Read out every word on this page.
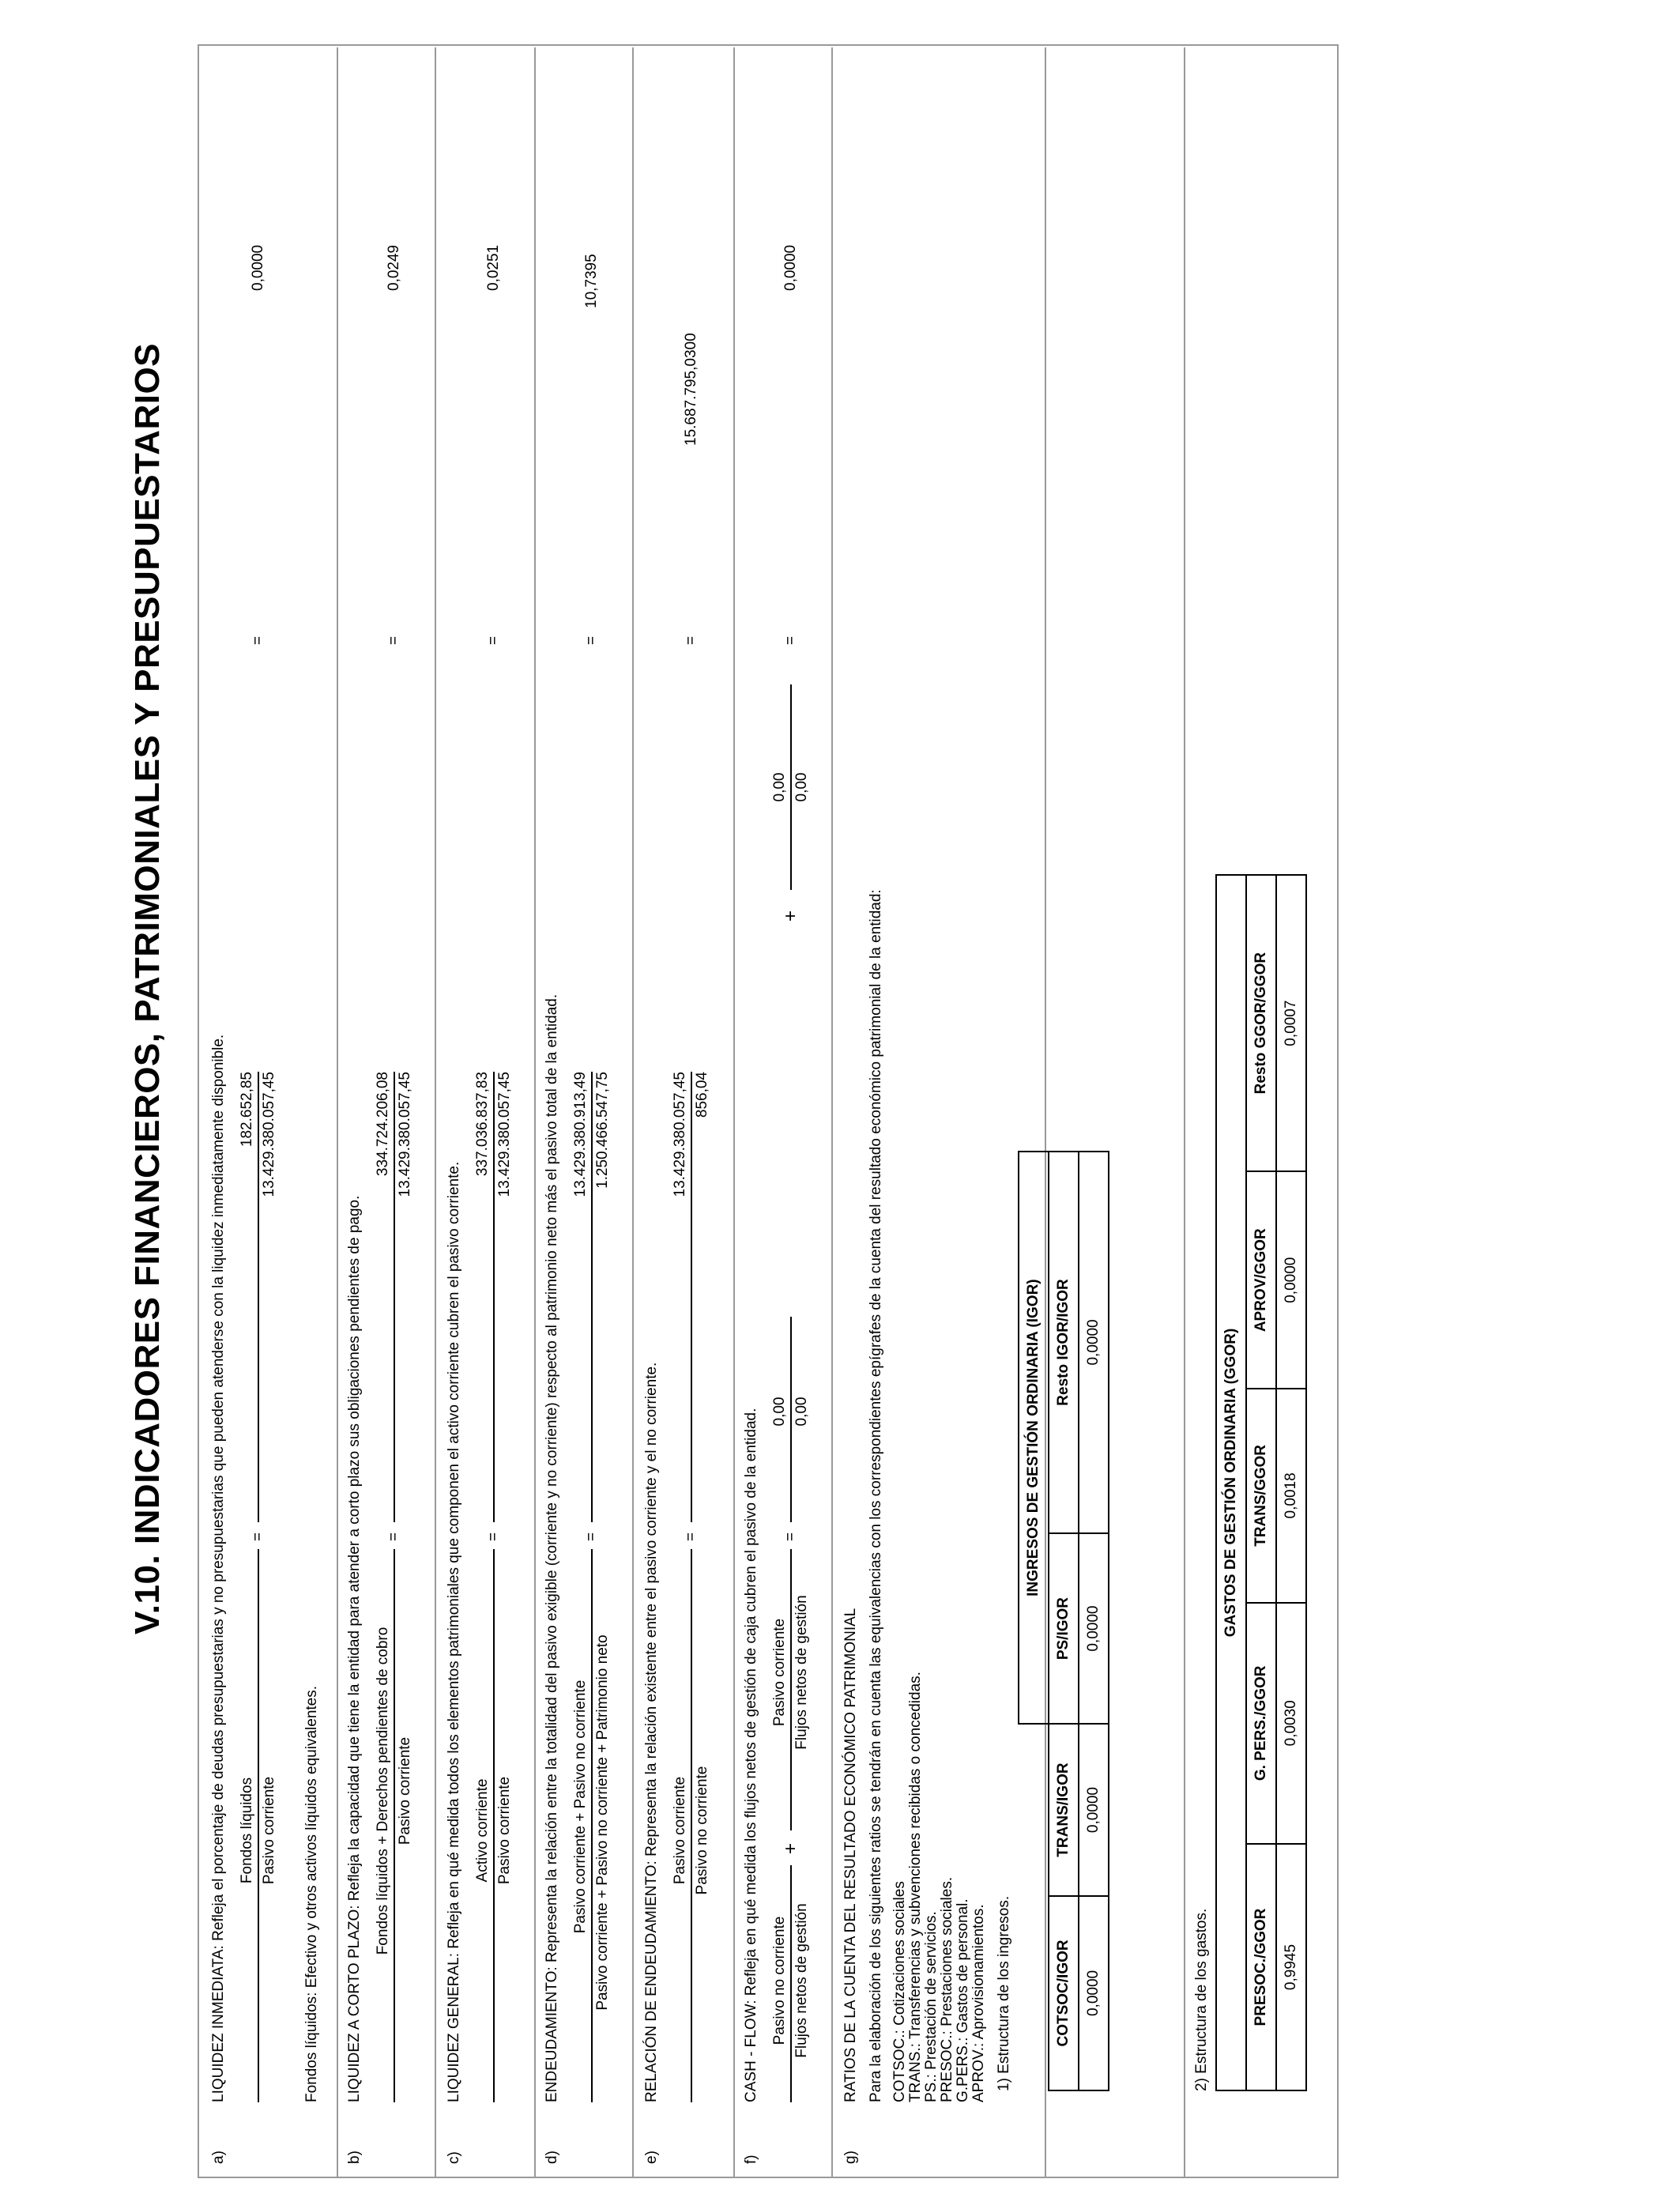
V.10. INDICADORES FINANCIEROS, PATRIMONIALES Y PRESUPUESTARIOS
a)
LIQUIDEZ INMEDIATA: Refleja el porcentaje de deudas presupuestarias y no presupuestarias que pueden atenderse con la liquidez inmediatamente disponible. Fondos líquidos Pasivo corriente
=
182.652,85 13.429.380.057,45
=
0,0000
Fondos líquidos: Efectivo y otros activos líquidos equivalentes.
b)
LIQUIDEZ A CORTO PLAZO: Refleja la capacidad que tiene la entidad para atender a corto plazo sus obligaciones pendientes de pago. Fondos líquidos + Derechos pendientes de cobro Pasivo corriente
=
334.724.206,08 13.429.380.057,45
=
0,0249
c)
LIQUIDEZ GENERAL: Refleja en qué medida todos los elementos patrimoniales que componen el activo corriente cubren el pasivo corriente. Activo corriente Pasivo corriente
=
337.036.837,83 13.429.380.057,45
=
0,0251
d)
ENDEUDAMIENTO: Representa la relación entre la totalidad del pasivo exigible (corriente y no corriente) respecto al patrimonio neto más el pasivo total de la entidad. Pasivo corriente + Pasivo no corriente Pasivo corriente + Pasivo no corriente + Patrimonio neto
=
13.429.380.913,49 1.250.466.547,75
=
10,7395
e)
RELACIÓN DE ENDEUDAMIENTO: Representa la relación existente entre el pasivo corriente y el no corriente. Pasivo corriente Pasivo no corriente
=
13.429.380.057,45 856,04
=
15.687.795,0300
f)
CASH - FLOW: Refleja en qué medida los flujos netos de gestión de caja cubren el pasivo de la entidad. Pasivo no corriente Flujos netos de gestión
+
Pasivo corriente Flujos netos de gestión
=
0,00 0,00
+
0,00 0,00
=
0,0000
g)
RATIOS DE LA CUENTA DEL RESULTADO ECONÓMICO PATRIMONIAL Para la elaboración de los siguientes ratios se tendrán en cuenta las equivalencias con los correspondientes epígrafes de la cuenta del resultado económico patrimonial de la entidad: COTSOC.: Cotizaciones sociales TRANS.: Transferencias y subvenciones recibidas o concedidas. PS.: Prestación de servicios. PRESOC.: Prestaciones sociales. G.PERS.: Gastos de personal. APROV.: Aprovisionamientos. 1) Estructura de los ingresos.
		INGRESOS DE GESTIÓN ORDINARIA (IGOR)	
COTSOC/IGOR	TRANS/IGOR	PS/IGOR	Resto IGOR/IGOR
0,0000	0,0000	0,0000	0,0000
2) Estructura de los gastos.
GASTOS DE GESTIÓN ORDINARIA (GGOR)				
PRESOC./GGOR	G. PERS./GGOR	TRANS/GGOR	APROV/GGOR	Resto GGOR/GGOR
0,9945	0,0030	0,0018	0,0000	0,0007
